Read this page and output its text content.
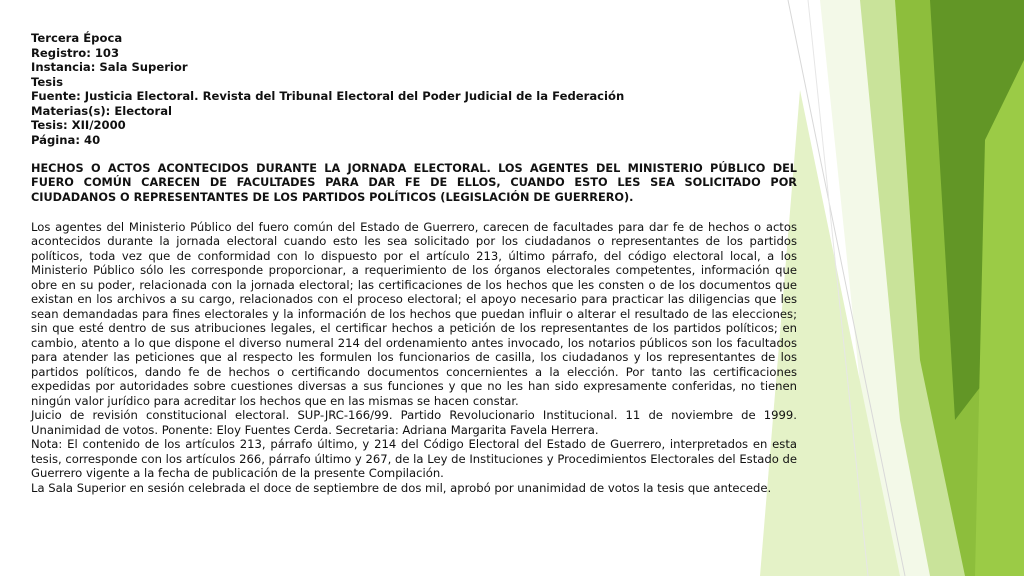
Tercera Época
Registro: 103
Instancia: Sala Superior
Tesis
Fuente: Justicia Electoral. Revista del Tribunal Electoral del Poder Judicial de la Federación
Materias(s): Electoral
Tesis: XII/2000
Página: 40
HECHOS O ACTOS ACONTECIDOS DURANTE LA JORNADA ELECTORAL. LOS AGENTES DEL MINISTERIO PÚBLICO DEL FUERO COMÚN CARECEN DE FACULTADES PARA DAR FE DE ELLOS, CUANDO ESTO LES SEA SOLICITADO POR CIUDADANOS O REPRESENTANTES DE LOS PARTIDOS POLÍTICOS (LEGISLACIÓN DE GUERRERO).
Los agentes del Ministerio Público del fuero común del Estado de Guerrero, carecen de facultades para dar fe de hechos o actos acontecidos durante la jornada electoral cuando esto les sea solicitado por los ciudadanos o representantes de los partidos políticos, toda vez que de conformidad con lo dispuesto por el artículo 213, último párrafo, del código electoral local, a los Ministerio Público sólo les corresponde proporcionar, a requerimiento de los órganos electorales competentes, información que obre en su poder, relacionada con la jornada electoral; las certificaciones de los hechos que les consten o de los documentos que existan en los archivos a su cargo, relacionados con el proceso electoral; el apoyo necesario para practicar las diligencias que les sean demandadas para fines electorales y la información de los hechos que puedan influir o alterar el resultado de las elecciones; sin que esté dentro de sus atribuciones legales, el certificar hechos a petición de los representantes de los partidos políticos; en cambio, atento a lo que dispone el diverso numeral 214 del ordenamiento antes invocado, los notarios públicos son los facultados para atender las peticiones que al respecto les formulen los funcionarios de casilla, los ciudadanos y los representantes de los partidos políticos, dando fe de hechos o certificando documentos concernientes a la elección. Por tanto las certificaciones expedidas por autoridades sobre cuestiones diversas a sus funciones y que no les han sido expresamente conferidas, no tienen ningún valor jurídico para acreditar los hechos que en las mismas se hacen constar.
Juicio de revisión constitucional electoral. SUP-JRC-166/99. Partido Revolucionario Institucional. 11 de noviembre de 1999. Unanimidad de votos. Ponente: Eloy Fuentes Cerda. Secretaria: Adriana Margarita Favela Herrera.
Nota: El contenido de los artículos 213, párrafo último, y 214 del Código Electoral del Estado de Guerrero, interpretados en esta tesis, corresponde con los artículos 266, párrafo último y 267, de la Ley de Instituciones y Procedimientos Electorales del Estado de Guerrero vigente a la fecha de publicación de la presente Compilación.
La Sala Superior en sesión celebrada el doce de septiembre de dos mil, aprobó por unanimidad de votos la tesis que antecede.
